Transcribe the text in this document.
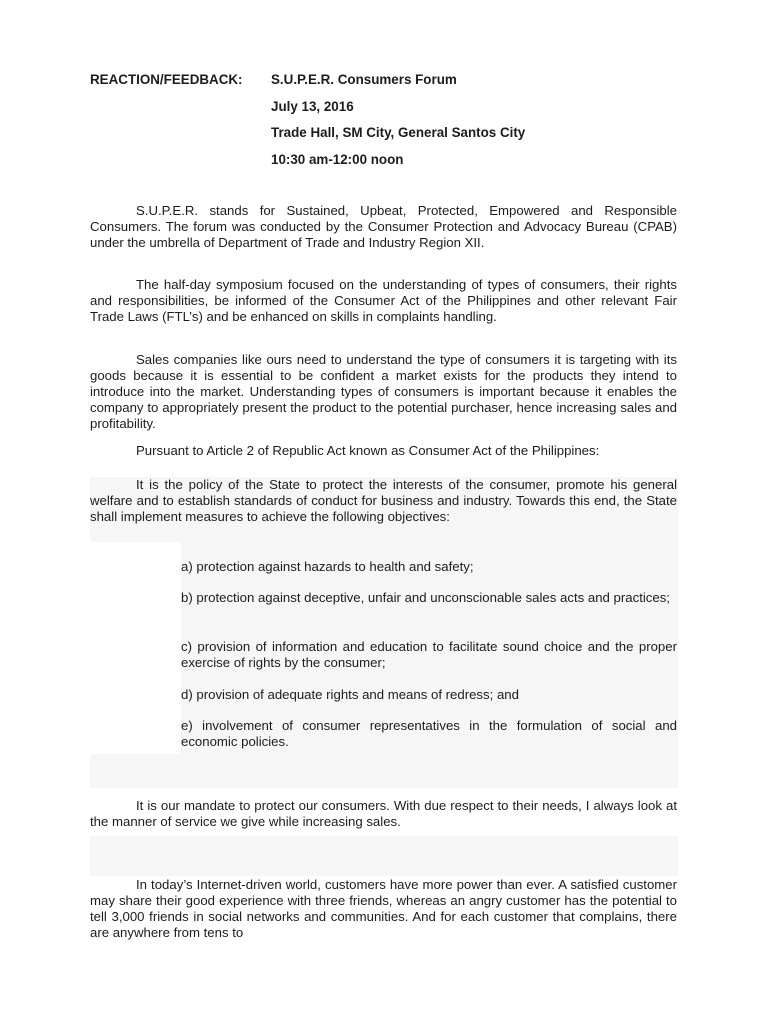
REACTION/FEEDBACK: S.U.P.E.R. Consumers Forum
July 13, 2016
Trade Hall, SM City, General Santos City
10:30 am-12:00 noon

S.U.P.E.R. stands for Sustained, Upbeat, Protected, Empowered and Responsible Consumers. The forum was conducted by the Consumer Protection and Advocacy Bureau (CPAB) under the umbrella of Department of Trade and Industry Region XII.

The half-day symposium focused on the understanding of types of consumers, their rights and responsibilities, be informed of the Consumer Act of the Philippines and other relevant Fair Trade Laws (FTL’s) and be enhanced on skills in complaints handling.

Sales companies like ours need to understand the type of consumers it is targeting with its goods because it is essential to be confident a market exists for the products they intend to introduce into the market. Understanding types of consumers is important because it enables the company to appropriately present the product to the potential purchaser, hence increasing sales and profitability.

Pursuant to Article 2 of Republic Act known as Consumer Act of the Philippines:

It is the policy of the State to protect the interests of the consumer, promote his general welfare and to establish standards of conduct for business and industry. Towards this end, the State shall implement measures to achieve the following objectives:

a) protection against hazards to health and safety;

b) protection against deceptive, unfair and unconscionable sales acts and practices;

c) provision of information and education to facilitate sound choice and the proper exercise of rights by the consumer;

d) provision of adequate rights and means of redress; and

e) involvement of consumer representatives in the formulation of social and economic policies.

It is our mandate to protect our consumers. With due respect to their needs, I always look at the manner of service we give while increasing sales.

In today’s Internet-driven world, customers have more power than ever. A satisfied customer may share their good experience with three friends, whereas an angry customer has the potential to tell 3,000 friends in social networks and communities. And for each customer that complains, there are anywhere from tens to
